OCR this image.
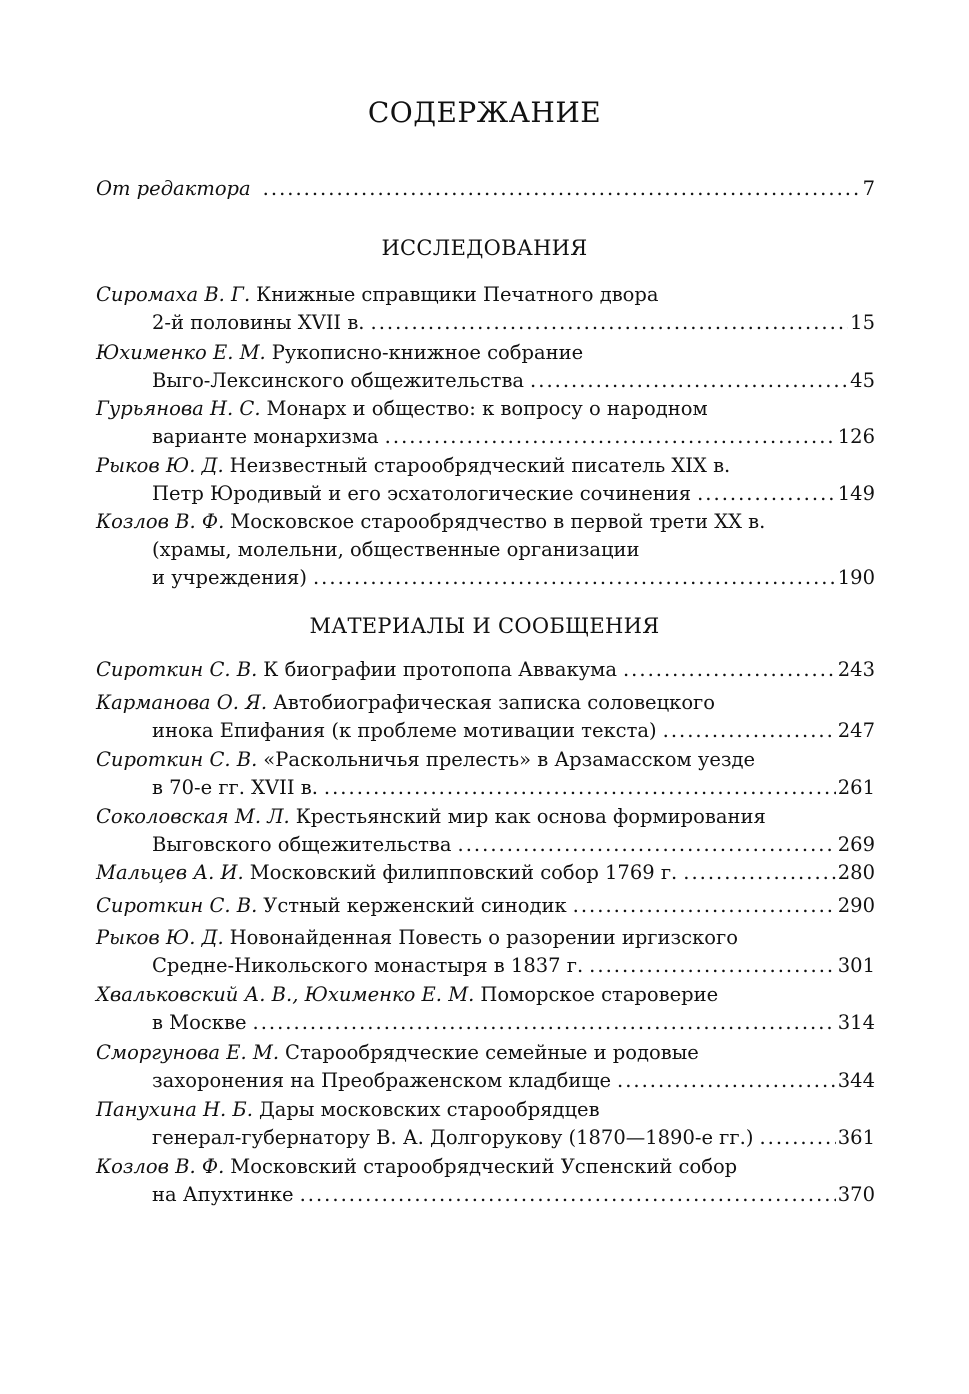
СОДЕРЖАНИЕ
От редактора .....	7
ИССЛЕДОВАНИЯ
Сиромаха В. Г. Книжные справщики Печатного двора
2-й половины XVII в. .....	15
Юхименко Е. М. Рукописно-книжное собрание
Выго-Лексинского общежительства .....	45
Гурьянова Н. С. Монарх и общество: к вопросу о народном
варианте монархизма .....	126
Рыков Ю. Д. Неизвестный старообрядческий писатель XIX в.
Петр Юродивый и его эсхатологические сочинения .....	149
Козлов В. Ф. Московское старообрядчество в первой трети XX в.
(храмы, молельни, общественные организации
и учреждения) .....	190
МАТЕРИАЛЫ И СООБЩЕНИЯ
Сироткин С. В. К биографии протопопа Аввакума .....	243
Карманова О. Я. Автобиографическая записка соловецкого
инока Епифания (к проблеме мотивации текста) .....	247
Сироткин С. В. «Раскольничья прелесть» в Арзамасском уезде
в 70-е гг. XVII в. .....	261
Соколовская М. Л. Крестьянский мир как основа формирования
Выговского общежительства .....	269
Мальцев А. И. Московский филипповский собор 1769 г. .....	280
Сироткин С. В. Устный керженский синодик .....	290
Рыков Ю. Д. Новонайденная Повесть о разорении иргизского
Средне-Никольского монастыря в 1837 г. .....	301
Хвальковский А. В., Юхименко Е. М. Поморское староверие
в Москве .....	314
Сморгунова Е. М. Старообрядческие семейные и родовые
захоронения на Преображенском кладбище .....	344
Панухина Н. Б. Дары московских старообрядцев
генерал-губернатору В. А. Долгорукову (1870—1890-е гг.) .....	361
Козлов В. Ф. Московский старообрядческий Успенский собор
на Апухтинке .....	370
